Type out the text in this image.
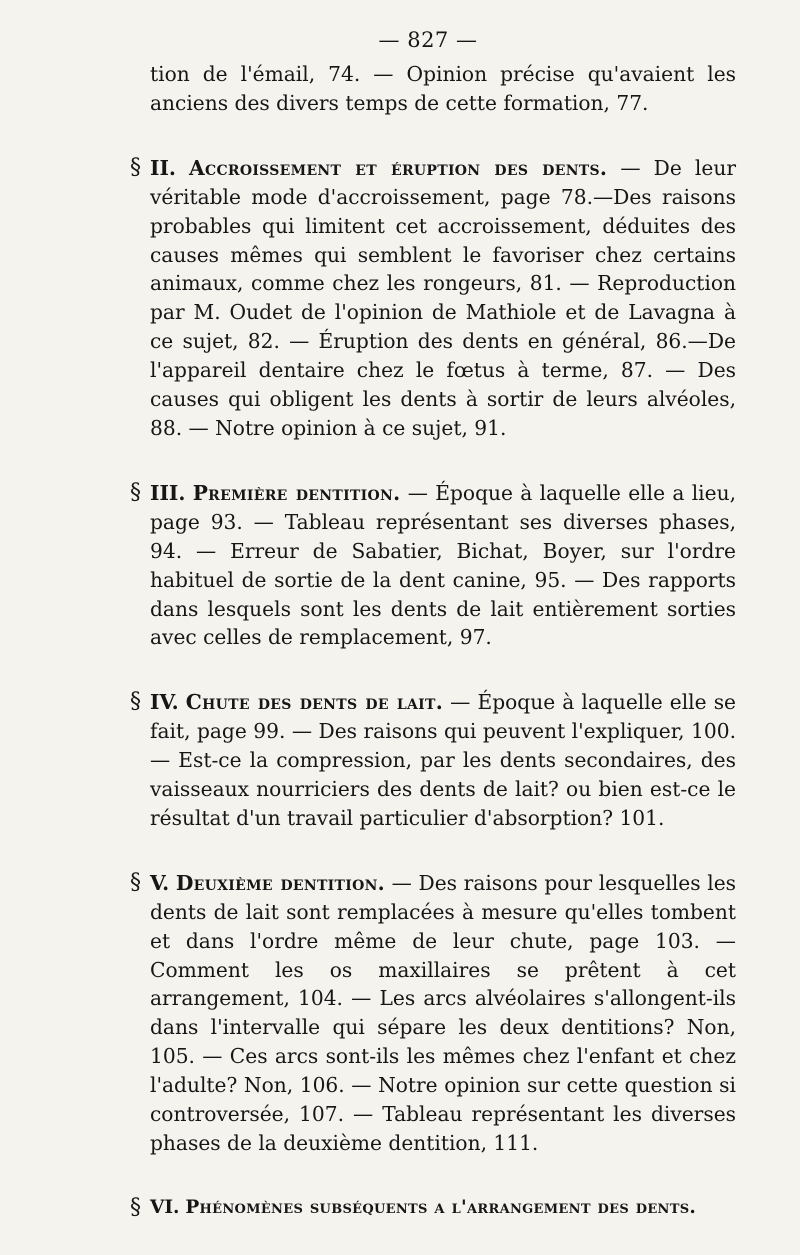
— 827 —

tion de l'émail, 74. — Opinion précise qu'avaient les anciens des divers temps de cette formation, 77.

§ II. Accroissement et éruption des dents. — De leur véritable mode d'accroissement, page 78.—Des raisons probables qui limitent cet accroissement, déduites des causes mêmes qui semblent le favoriser chez certains animaux, comme chez les rongeurs, 81. — Reproduction par M. Oudet de l'opinion de Mathiole et de Lavagna à ce sujet, 82. — Éruption des dents en général, 86.—De l'appareil dentaire chez le fœtus à terme, 87. — Des causes qui obligent les dents à sortir de leurs alvéoles, 88. — Notre opinion à ce sujet, 91.

§ III. Première dentition. — Époque à laquelle elle a lieu, page 93. — Tableau représentant ses diverses phases, 94. — Erreur de Sabatier, Bichat, Boyer, sur l'ordre habituel de sortie de la dent canine, 95. — Des rapports dans lesquels sont les dents de lait entièrement sorties avec celles de remplacement, 97.

§ IV. Chute des dents de lait. — Époque à laquelle elle se fait, page 99. — Des raisons qui peuvent l'expliquer, 100. — Est-ce la compression, par les dents secondaires, des vaisseaux nourriciers des dents de lait? ou bien est-ce le résultat d'un travail particulier d'absorption? 101.

§ V. Deuxième dentition. — Des raisons pour lesquelles les dents de lait sont remplacées à mesure qu'elles tombent et dans l'ordre même de leur chute, page 103. — Comment les os maxillaires se prêtent à cet arrangement, 104. — Les arcs alvéolaires s'allongent-ils dans l'intervalle qui sépare les deux dentitions? Non, 105. — Ces arcs sont-ils les mêmes chez l'enfant et chez l'adulte? Non, 106. — Notre opinion sur cette question si controversée, 107. — Tableau représentant les diverses phases de la deuxième dentition, 111.

§ VI. Phénomènes subséquents a l'arrangement des dents.
